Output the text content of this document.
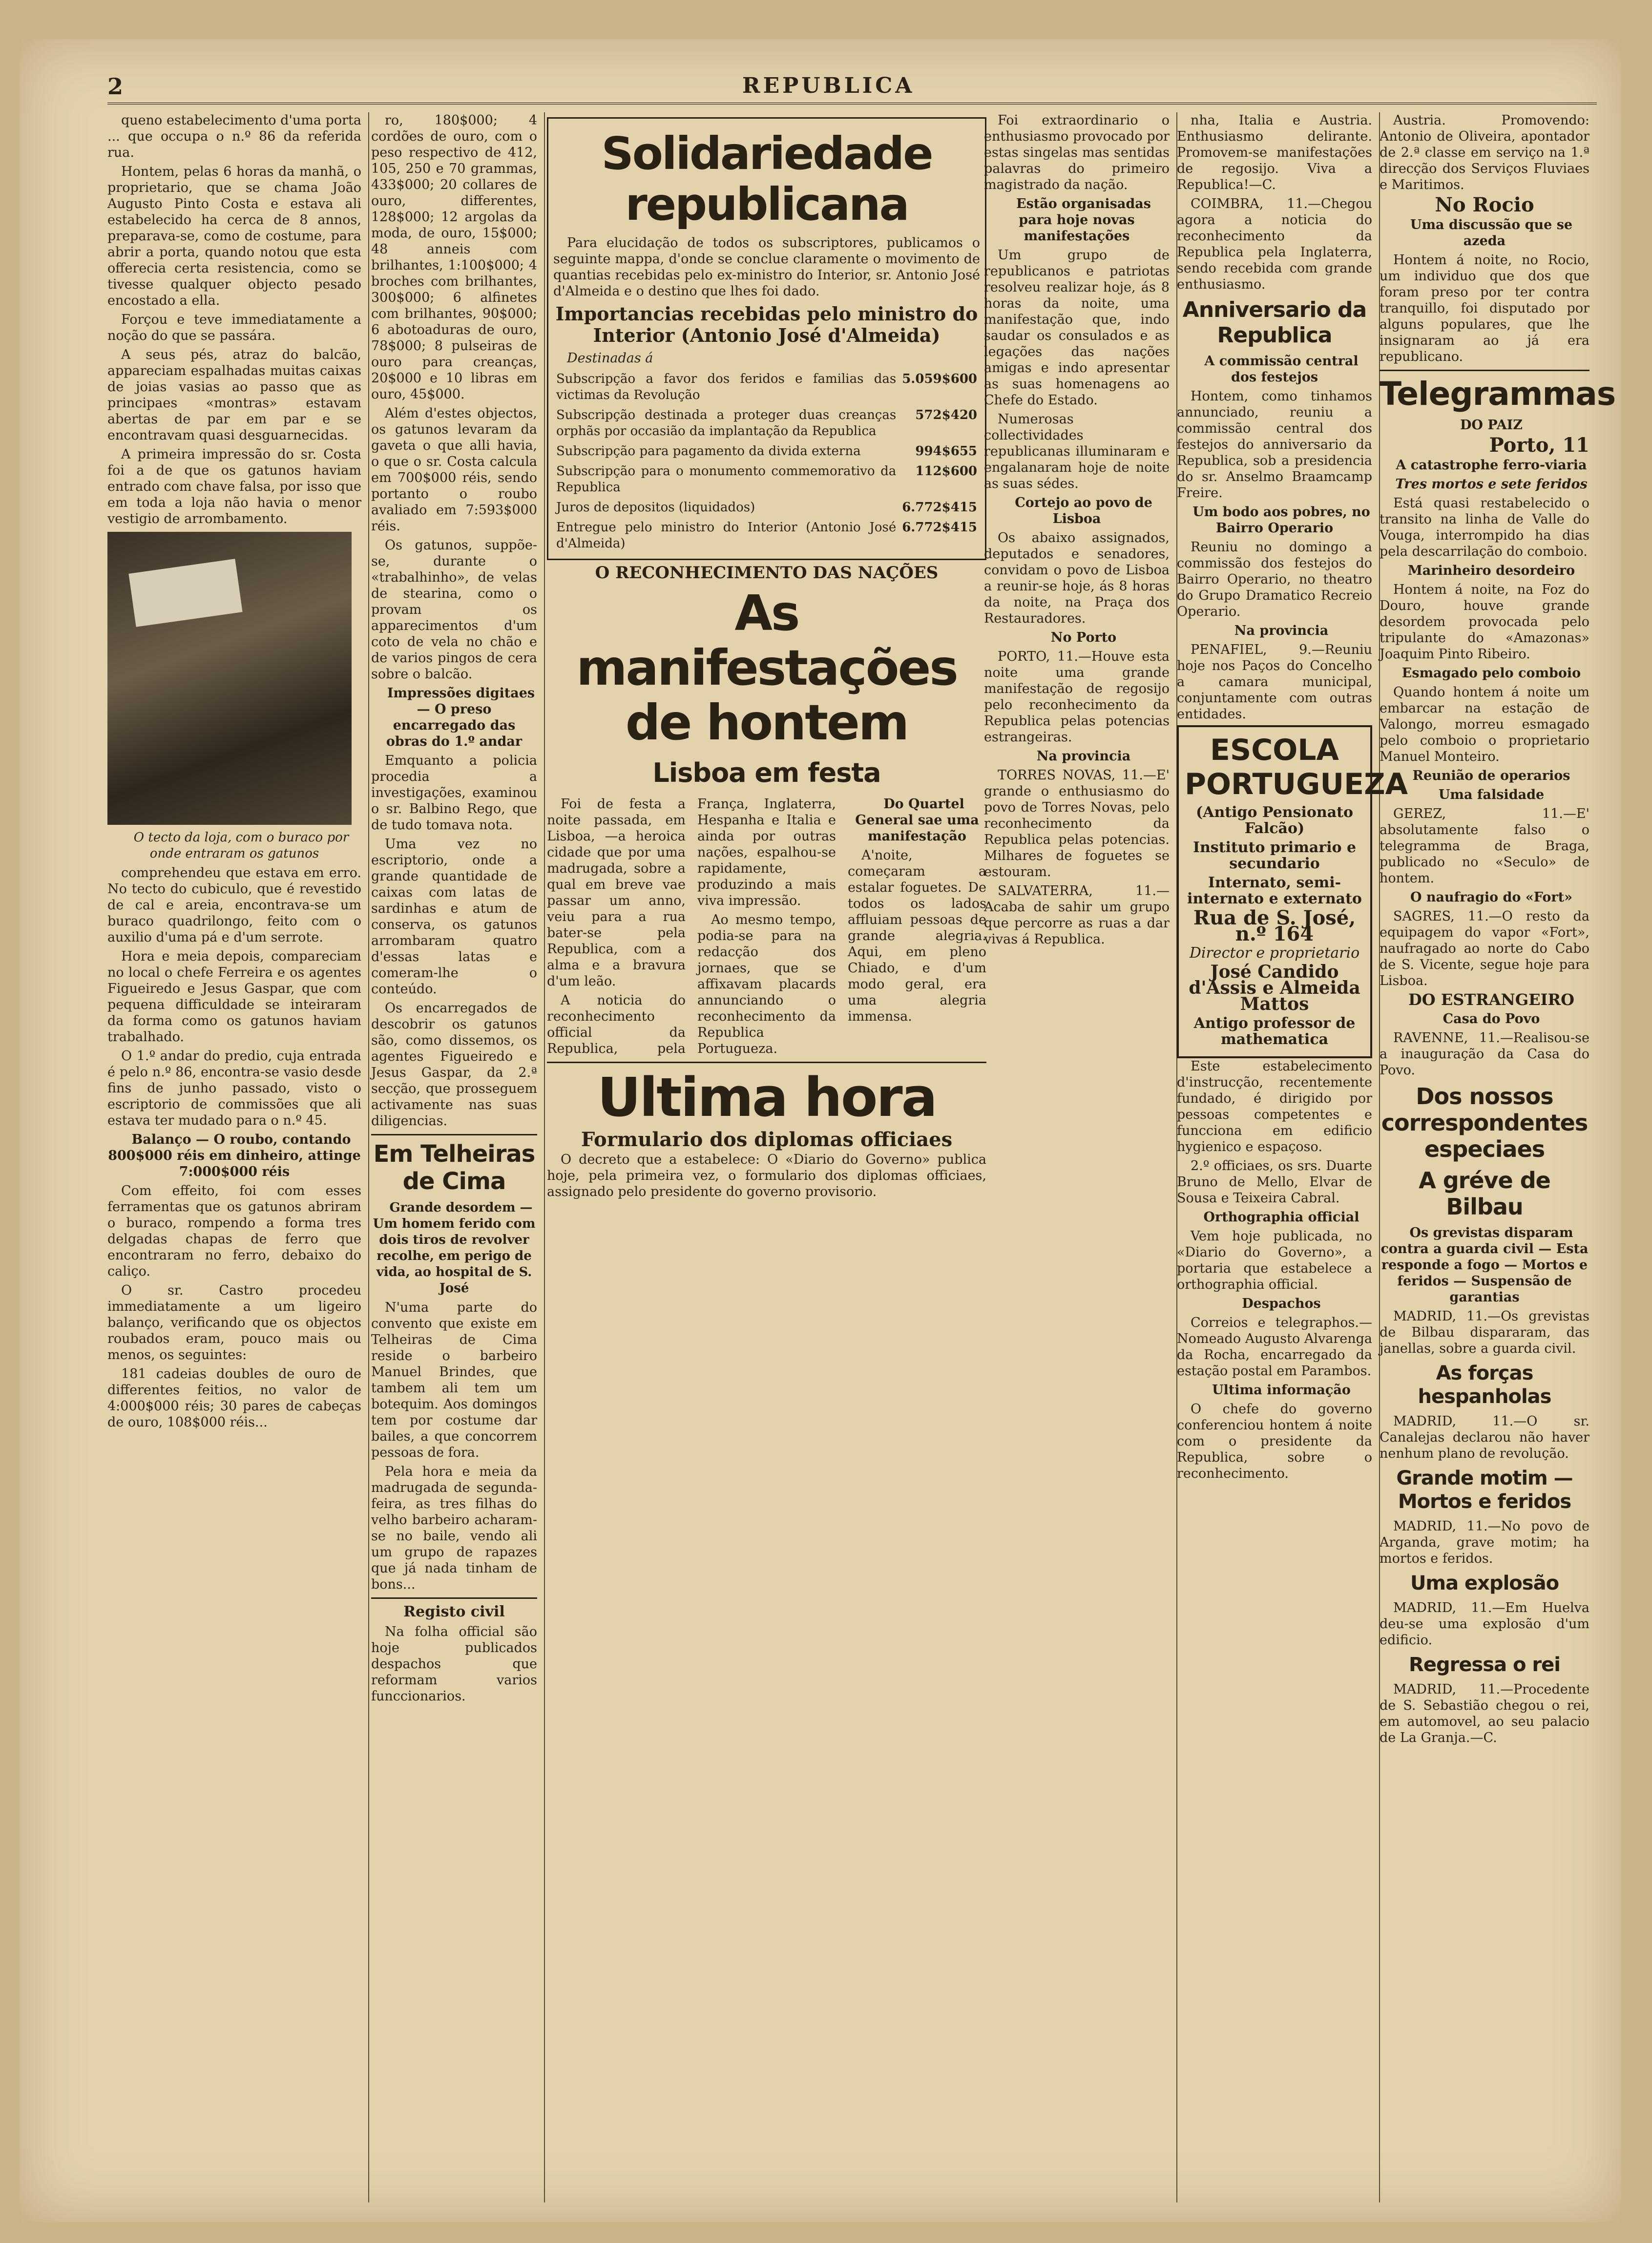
2	REPUBLICA

queno estabelecimento d'uma porta ... que occupa o n.º 86 da referida rua.

Hontem, pelas 6 horas da manhã, o proprietario, que se chama João Augusto Pinto Costa e estava ali estabelecido ha cerca de 8 annos, preparava-se, como de costume, para abrir a porta, quando notou que esta offerecia certa resistencia, como se tivesse qualquer objecto pesado encostado a ella.

Forçou e teve immediatamente a noção do que se passára.

A seus pés, atraz do balcão, appareciam espalhadas muitas caixas de joias vasias ao passo que as principaes «montras» estavam abertas de par em par e se encontravam quasi desguarnecidas.

A primeira impressão do sr. Costa foi a de que os gatunos haviam entrado com chave falsa, por isso que em toda a loja não havia o menor vestigio de arrombamento.

O tecto da loja, com o buraco por onde entraram os gatunos

comprehendeu que estava em erro. No tecto do cubiculo, que é revestido de cal e areia, encontrava-se um buraco quadrilongo, feito com o auxilio d'uma pá e d'um serrote.

Hora e meia depois, compareciam no local o chefe Ferreira e os agentes Figueiredo e Jesus Gaspar, que com pequena difficuldade se inteiraram da forma como os gatunos haviam trabalhado.

O 1.º andar do predio, cuja entrada é pelo n.º 86, encontra-se vasio desde fins de junho passado, visto o escriptorio de commissões que ali estava ter mudado para o n.º 45.

Balanço — O roubo, contando 800$000 réis em dinheiro, attinge 7:000$000 réis

Com effeito, foi com esses ferramentas que os gatunos abriram o buraco, rompendo a forma tres delgadas chapas de ferro que encontraram no ferro, debaixo do caliço.

O sr. Castro procedeu immediatamente a um ligeiro balanço, verificando que os objectos roubados eram, pouco mais ou menos, os seguintes:

181 cadeias doubles de ouro de differentes feitios, no valor de 4:000$000 réis; 30 pares de cabeças de ouro, 108$000 réis...

ro, 180$000; 4 cordões de ouro, com o peso respectivo de 412, 105, 250 e 70 grammas, 433$000; 20 collares de ouro, differentes, 128$000; 12 argolas da moda, de ouro, 15$000; 48 anneis com brilhantes, 1:100$000; 4 broches com brilhantes, 300$000; 6 alfinetes com brilhantes, 90$000; 6 abotoaduras de ouro, 78$000; 8 pulseiras de ouro para creanças, 20$000 e 10 libras em ouro, 45$000.

Além d'estes objectos, os gatunos levaram da gaveta o que alli havia, o que o sr. Costa calcula em 700$000 réis, sendo portanto o roubo avaliado em 7:593$000 réis.

Os gatunos, suppõe-se, durante o «trabalhinho», de velas de stearina, como o provam os apparecimentos d'um coto de vela no chão e de varios pingos de cera sobre o balcão.

Impressões digitaes — O preso encarregado das obras do 1.º andar

Emquanto a policia procedia a investigações, examinou o sr. Balbino Rego, que de tudo tomava nota.

Uma vez no escriptorio, onde a grande quantidade de caixas com latas de sardinhas e atum de conserva, os gatunos arrombaram quatro d'essas latas e comeram-lhe o conteúdo.

Os encarregados de descobrir os gatunos são, como dissemos, os agentes Figueiredo e Jesus Gaspar, da 2.ª secção, que prosseguem activamente nas suas diligencias.

Em Telheiras de Cima

Grande desordem — Um homem ferido com dois tiros de revolver recolhe, em perigo de vida, ao hospital de S. José

N'uma parte do convento que existe em Telheiras de Cima reside o barbeiro Manuel Brindes, que tambem ali tem um botequim. Aos domingos tem por costume dar bailes, a que concorrem pessoas de fora.

Pela hora e meia da madrugada de segunda-feira, as tres filhas do velho barbeiro acharam-se no baile, vendo ali um grupo de rapazes que já nada tinham de bons...

Registo civil

Na folha official são hoje publicados despachos que reformam varios funccionarios.

Solidariedade republicana

Para elucidação de todos os subscriptores, publicamos o seguinte mappa, d'onde se conclue claramente o movimento de quantias recebidas pelo ex-ministro do Interior, sr. Antonio José d'Almeida e o destino que lhes foi dado.

Importancias recebidas pelo ministro do Interior (Antonio José d'Almeida)

Destinadas á

Subscripção a favor dos feridos e familias das victimas da Revolução	5.059$600
Subscripção destinada a proteger duas creanças orphãs por occasião da implantação da Republica	572$420
Subscripção para pagamento da divida externa	994$655
Subscripção para o monumento commemorativo da Republica	112$600
Juros de depositos (liquidados)	6.772$415
Entregue pelo ministro do Interior (Antonio José d'Almeida)	6.772$415
O RECONHECIMENTO DAS NAÇÕES
As manifestações de hontem
Lisboa em festa

Foi de festa a noite passada, em Lisboa, —a heroica cidade que por uma madrugada, sobre a qual em breve vae passar um anno, veiu para a rua bater-se pela Republica, com a alma e a bravura d'um leão.

A noticia do reconhecimento official da Republica, pela França, Inglaterra, Hespanha e Italia e ainda por outras nações, espalhou-se rapidamente, produzindo a mais viva impressão.

Ao mesmo tempo, podia-se para na redacção dos jornaes, que se affixavam placards annunciando o reconhecimento da Republica Portugueza.

Do Quartel General sae uma manifestação

A'noite, começaram a estalar foguetes. De todos os lados affluiam pessoas de grande alegria. Aqui, em pleno Chiado, e d'um modo geral, era uma alegria immensa.

Ultima hora
Formulario dos diplomas officiaes

O decreto que a estabelece: O «Diario do Governo» publica hoje, pela primeira vez, o formulario dos diplomas officiaes, assignado pelo presidente do governo provisorio.

Foi extraordinario o enthusiasmo provocado por estas singelas mas sentidas palavras do primeiro magistrado da nação.

Estão organisadas para hoje novas manifestações

Um grupo de republicanos e patriotas resolveu realizar hoje, ás 8 horas da noite, uma manifestação que, indo saudar os consulados e as legações das nações amigas e indo apresentar as suas homenagens ao Chefe do Estado.

Numerosas collectividades republicanas illuminaram e engalanaram hoje de noite as suas sédes.

Cortejo ao povo de Lisboa

Os abaixo assignados, deputados e senadores, convidam o povo de Lisboa a reunir-se hoje, ás 8 horas da noite, na Praça dos Restauradores.

No Porto

PORTO, 11.—Houve esta noite uma grande manifestação de regosijo pelo reconhecimento da Republica pelas potencias estrangeiras.

Na provincia

TORRES NOVAS, 11.—E' grande o enthusiasmo do povo de Torres Novas, pelo reconhecimento da Republica pelas potencias. Milhares de foguetes se estouram.

SALVATERRA, 11.—Acaba de sahir um grupo que percorre as ruas a dar vivas á Republica.

nha, Italia e Austria. Enthusiasmo delirante. Promovem-se manifestações de regosijo. Viva a Republica!—C.

COIMBRA, 11.—Chegou agora a noticia do reconhecimento da Republica pela Inglaterra, sendo recebida com grande enthusiasmo.

Anniversario da Republica

A commissão central dos festejos

Hontem, como tinhamos annunciado, reuniu a commissão central dos festejos do anniversario da Republica, sob a presidencia do sr. Anselmo Braamcamp Freire.

Um bodo aos pobres, no Bairro Operario

Reuniu no domingo a commissão dos festejos do Bairro Operario, no theatro do Grupo Dramatico Recreio Operario.

Na provincia

PENAFIEL, 9.—Reuniu hoje nos Paços do Concelho a camara municipal, conjuntamente com outras entidades.

ESCOLA
PORTUGUEZA
(Antigo Pensionato Falcão)
Instituto primario e secundario
Internato, semi-internato e externato
Rua de S. José, n.º 164
Director e proprietario
José Candido d'Assis e Almeida Mattos
Antigo professor de mathematica

Este estabelecimento d'instrucção, recentemente fundado, é dirigido por pessoas competentes e funcciona em edificio hygienico e espaçoso.

2.º officiaes, os srs. Duarte Bruno de Mello, Elvar de Sousa e Teixeira Cabral.

Orthographia official

Vem hoje publicada, no «Diario do Governo», a portaria que estabelece a orthographia official.

Despachos

Correios e telegraphos.—Nomeado Augusto Alvarenga da Rocha, encarregado da estação postal em Parambos.

Ultima informação

O chefe do governo conferenciou hontem á noite com o presidente da Republica, sobre o reconhecimento.

Austria. Promovendo: Antonio de Oliveira, apontador de 2.ª classe em serviço na 1.ª direcção dos Serviços Fluviaes e Maritimos.

No Rocio

Uma discussão que se azeda

Hontem á noite, no Rocio, um individuo que dos que foram preso por ter contra tranquillo, foi disputado por alguns populares, que lhe insignaram ao já era republicano.

Telegrammas

DO PAIZ

Porto, 11

A catastrophe ferro-viaria

Tres mortos e sete feridos

Está quasi restabelecido o transito na linha de Valle do Vouga, interrompido ha dias pela descarrilação do comboio.

Marinheiro desordeiro

Hontem á noite, na Foz do Douro, houve grande desordem provocada pelo tripulante do «Amazonas» Joaquim Pinto Ribeiro.

Esmagado pelo comboio

Quando hontem á noite um embarcar na estação de Valongo, morreu esmagado pelo comboio o proprietario Manuel Monteiro.

Reunião de operarios

Uma falsidade

GEREZ, 11.—E' absolutamente falso o telegramma de Braga, publicado no «Seculo» de hontem.

O naufragio do «Fort»

SAGRES, 11.—O resto da equipagem do vapor «Fort», naufragado ao norte do Cabo de S. Vicente, segue hoje para Lisboa.

DO ESTRANGEIRO

Casa do Povo

RAVENNE, 11.—Realisou-se a inauguração da Casa do Povo.

Dos nossos correspondentes especiaes
A gréve de Bilbau

Os grevistas disparam contra a guarda civil — Esta responde a fogo — Mortos e feridos — Suspensão de garantias

MADRID, 11.—Os grevistas de Bilbau dispararam, das janellas, sobre a guarda civil.

As forças hespanholas

MADRID, 11.—O sr. Canalejas declarou não haver nenhum plano de revolução.

Grande motim — Mortos e feridos

MADRID, 11.—No povo de Arganda, grave motim; ha mortos e feridos.

Uma explosão

MADRID, 11.—Em Huelva deu-se uma explosão d'um edificio.

Regressa o rei

MADRID, 11.—Procedente de S. Sebastião chegou o rei, em automovel, ao seu palacio de La Granja.—C.
